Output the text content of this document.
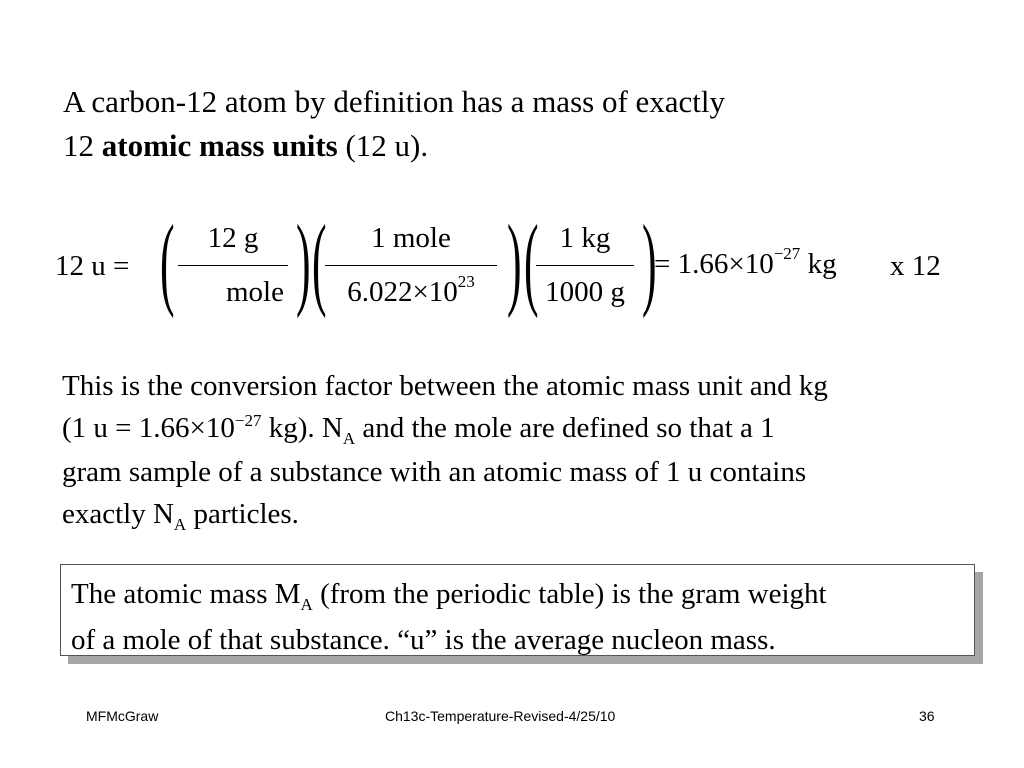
A carbon-12 atom by definition has a mass of exactly
12 atomic mass units (12 u).
12 u = (	12 g
mole ) (	1 mole
$6.022\times 10^{23}$ ) ( 1 kg
1000 g )
= $1.66\times 10^{-27}$ kg x 12
This is the conversion factor between the atomic mass unit and kg
(1 $u = 1.66\times 10^{-27}$ kg). $N_A$ and the mole are defined so that a 1
gram sample of a substance with an atomic mass of 1 u contains
exactly $N_A$ particles.
The atomic mass $M_A$ (from the periodic table) is the gram weight
of a mole of that substance. “u” is the average nucleon mass.
MFMcGraw	Ch13c-Temperature-Revised-4/25/10	36
